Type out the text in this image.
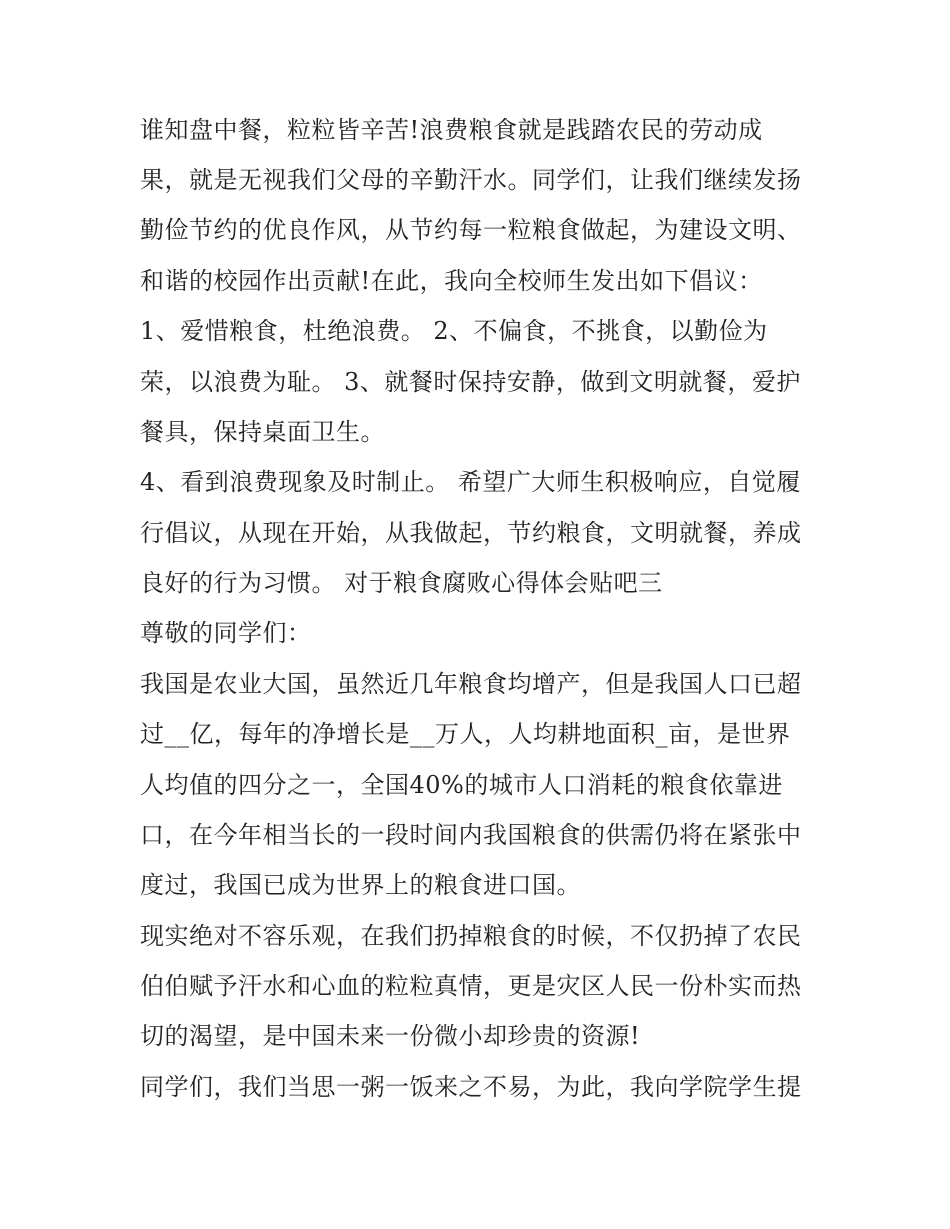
谁知盘中餐，粒粒皆辛苦!浪费粮食就是践踏农民的劳动成
果，就是无视我们父母的辛勤汗水。同学们，让我们继续发扬
勤俭节约的优良作风，从节约每一粒粮食做起，为建设文明、
和谐的校园作出贡献!在此，我向全校师生发出如下倡议：
1、爱惜粮食，杜绝浪费。 2、不偏食，不挑食，以勤俭为
荣，以浪费为耻。 3、就餐时保持安静，做到文明就餐，爱护
餐具，保持桌面卫生。
4、看到浪费现象及时制止。 希望广大师生积极响应，自觉履
行倡议，从现在开始，从我做起，节约粮食，文明就餐，养成
良好的行为习惯。 对于粮食腐败心得体会贴吧三
尊敬的同学们：
我国是农业大国，虽然近几年粮食均增产，但是我国人口已超
过__亿，每年的净增长是__万人，人均耕地面积_亩，是世界
人均值的四分之一，全国40%的城市人口消耗的粮食依靠进
口，在今年相当长的一段时间内我国粮食的供需仍将在紧张中
度过，我国已成为世界上的粮食进口国。
现实绝对不容乐观，在我们扔掉粮食的时候，不仅扔掉了农民
伯伯赋予汗水和心血的粒粒真情，更是灾区人民一份朴实而热
切的渴望，是中国未来一份微小却珍贵的资源!
同学们，我们当思一粥一饭来之不易，为此，我向学院学生提
